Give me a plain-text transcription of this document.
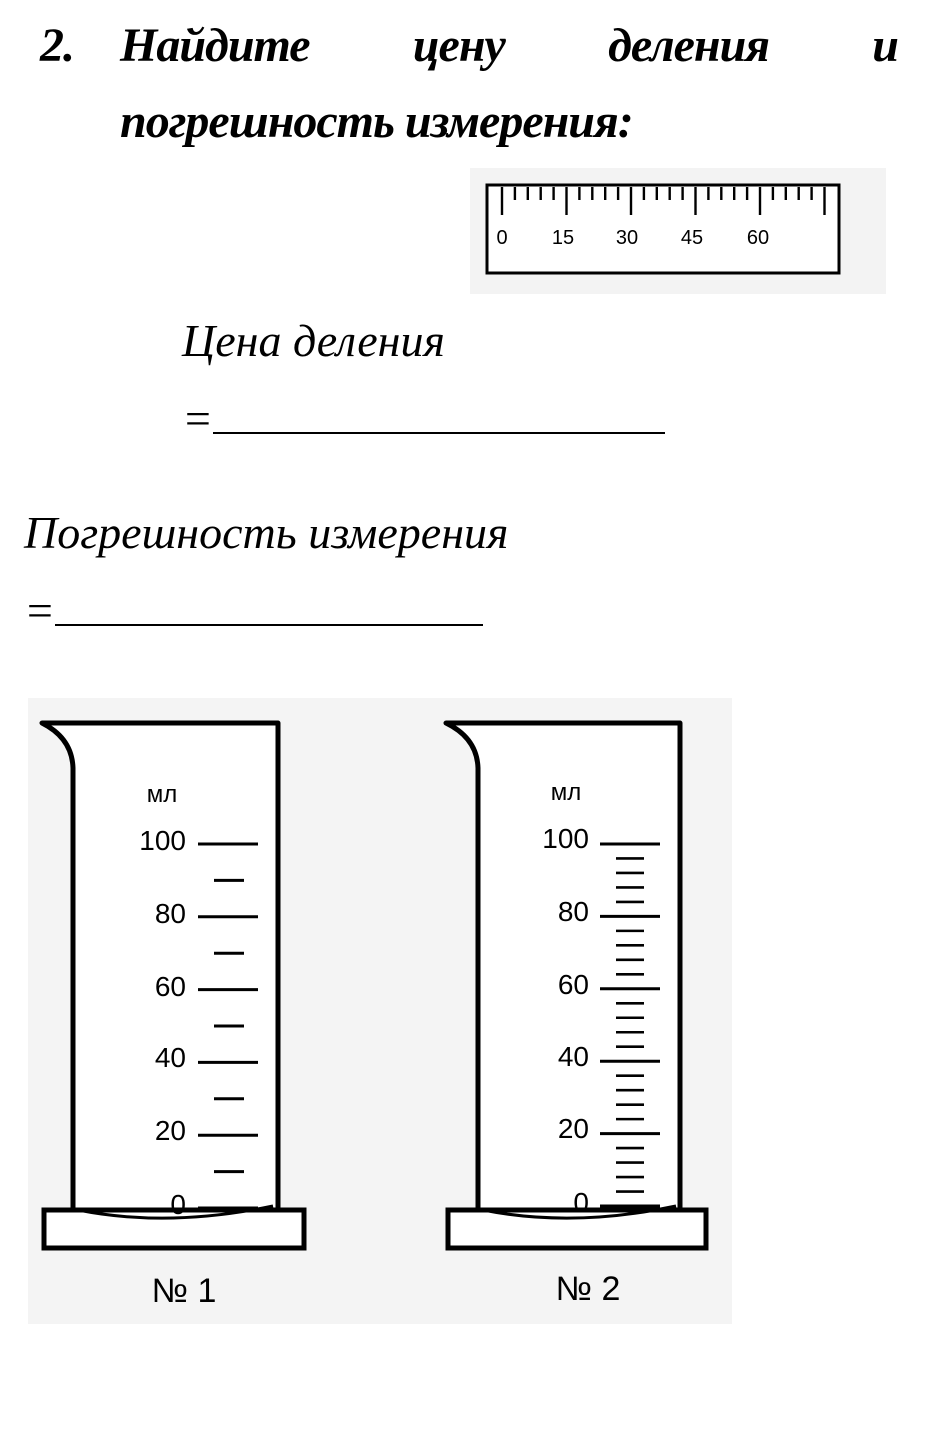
2. Найдите цену деления и
погрешность измерения:
0 15 30 45 60
Цена деления
=
Погрешность измерения
=
мл
100
80
60
40
20
0
№ 1
мл
100
80
60
40
20
0
№ 2
